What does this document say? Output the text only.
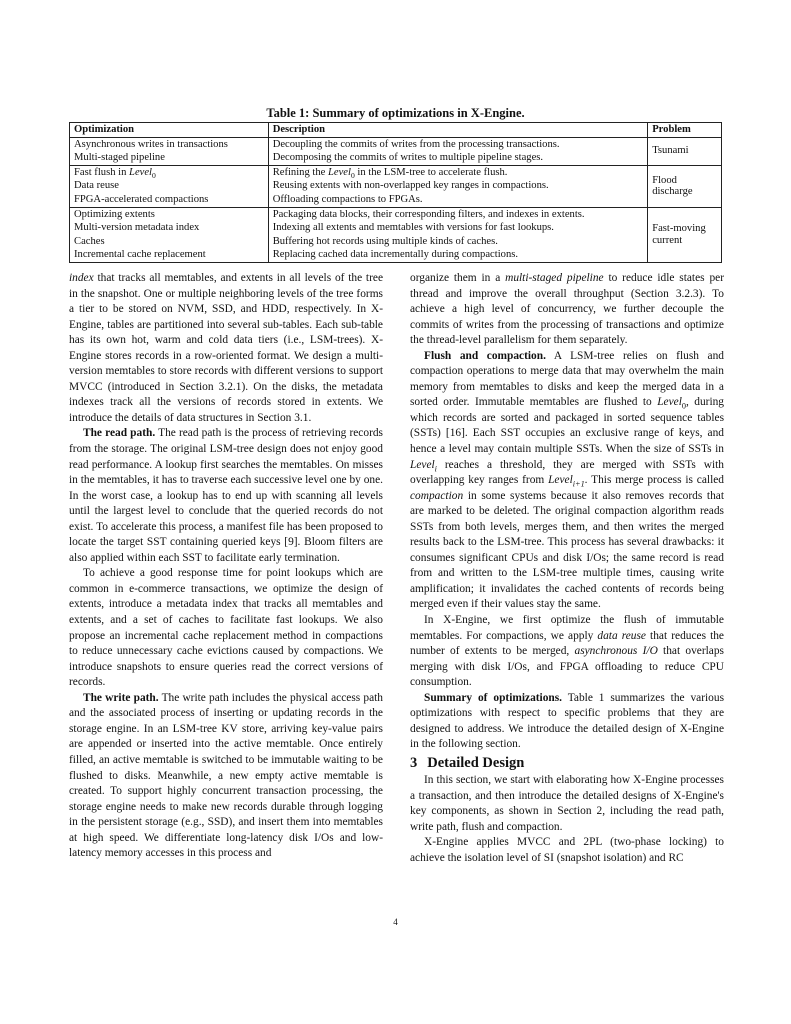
Table 1: Summary of optimizations in X-Engine.
Optimization	Description	Problem
Asynchronous writes in transactions	Decoupling the commits of writes from the processing transactions.	Tsunami
Multi-staged pipeline	Decomposing the commits of writes to multiple pipeline stages.	
Fast flush in Level$_0$	Refining the Level$_0$ in the LSM-tree to accelerate flush.	Flood discharge
Data reuse	Reusing extents with non-overlapped key ranges in compactions.	
FPGA-accelerated compactions	Offloading compactions to FPGAs.	
Optimizing extents	Packaging data blocks, their corresponding filters, and indexes in extents.	Fast-moving current
Multi-version metadata index	Indexing all extents and memtables with versions for fast lookups.	
Caches	Buffering hot records using multiple kinds of caches.	
Incremental cache replacement	Replacing cached data incrementally during compactions.	

index that tracks all memtables, and extents in all levels of the tree in the snapshot. One or multiple neighboring levels of the tree forms a tier to be stored on NVM, SSD, and HDD, respectively. In X-Engine, tables are partitioned into several sub-tables. Each sub-table has its own hot, warm and cold data tiers (i.e., LSM-trees). X-Engine stores records in a row-oriented format. We design a multi-version memtables to store records with different versions to support MVCC (introduced in Section 3.2.1). On the disks, the metadata indexes track all the versions of records stored in extents. We introduce the details of data structures in Section 3.1.

The read path. The read path is the process of retrieving records from the storage. The original LSM-tree design does not enjoy good read performance. A lookup first searches the memtables. On misses in the memtables, it has to traverse each successive level one by one. In the worst case, a lookup has to end up with scanning all levels until the largest level to conclude that the queried records do not exist. To accelerate this process, a manifest file has been proposed to locate the target SST containing queried keys [9]. Bloom filters are also applied within each SST to facilitate early termination.

To achieve a good response time for point lookups which are common in e-commerce transactions, we optimize the design of extents, introduce a metadata index that tracks all memtables and extents, and a set of caches to facilitate fast lookups. We also propose an incremental cache replacement method in compactions to reduce unnecessary cache evictions caused by compactions. We introduce snapshots to ensure queries read the correct versions of records.

The write path. The write path includes the physical access path and the associated process of inserting or updating records in the storage engine. In an LSM-tree KV store, arriving key-value pairs are appended or inserted into the active memtable. Once entirely filled, an active memtable is switched to be immutable waiting to be flushed to disks. Meanwhile, a new empty active memtable is created. To support highly concurrent transaction processing, the storage engine needs to make new records durable through logging in the persistent storage (e.g., SSD), and insert them into memtables at high speed. We differentiate long-latency disk I/Os and low-latency memory accesses in this process and

organize them in a multi-staged pipeline to reduce idle states per thread and improve the overall throughput (Section 3.2.3). To achieve a high level of concurrency, we further decouple the commits of writes from the processing of transactions and optimize the thread-level parallelism for them separately.

Flush and compaction. A LSM-tree relies on flush and compaction operations to merge data that may overwhelm the main memory from memtables to disks and keep the merged data in a sorted order. Immutable memtables are flushed to Level$_0$, during which records are sorted and packaged in sorted sequence tables (SSTs) [16]. Each SST occupies an exclusive range of keys, and hence a level may contain multiple SSTs. When the size of SSTs in Level$_i$ reaches a threshold, they are merged with SSTs with overlapping key ranges from Level$_{i+1}$. This merge process is called compaction in some systems because it also removes records that are marked to be deleted. The original compaction algorithm reads SSTs from both levels, merges them, and then writes the merged results back to the LSM-tree. This process has several drawbacks: it consumes significant CPUs and disk I/Os; the same record is read from and written to the LSM-tree multiple times, causing write amplification; it invalidates the cached contents of records being merged even if their values stay the same.

In X-Engine, we first optimize the flush of immutable memtables. For compactions, we apply data reuse that reduces the number of extents to be merged, asynchronous I/O that overlaps merging with disk I/Os, and FPGA offloading to reduce CPU consumption.

Summary of optimizations. Table 1 summarizes the various optimizations with respect to specific problems that they are designed to address. We introduce the detailed design of X-Engine in the following section.

3 Detailed Design

In this section, we start with elaborating how X-Engine processes a transaction, and then introduce the detailed designs of X-Engine's key components, as shown in Section 2, including the read path, write path, flush and compaction.

X-Engine applies MVCC and 2PL (two-phase locking) to achieve the isolation level of SI (snapshot isolation) and RC

4
